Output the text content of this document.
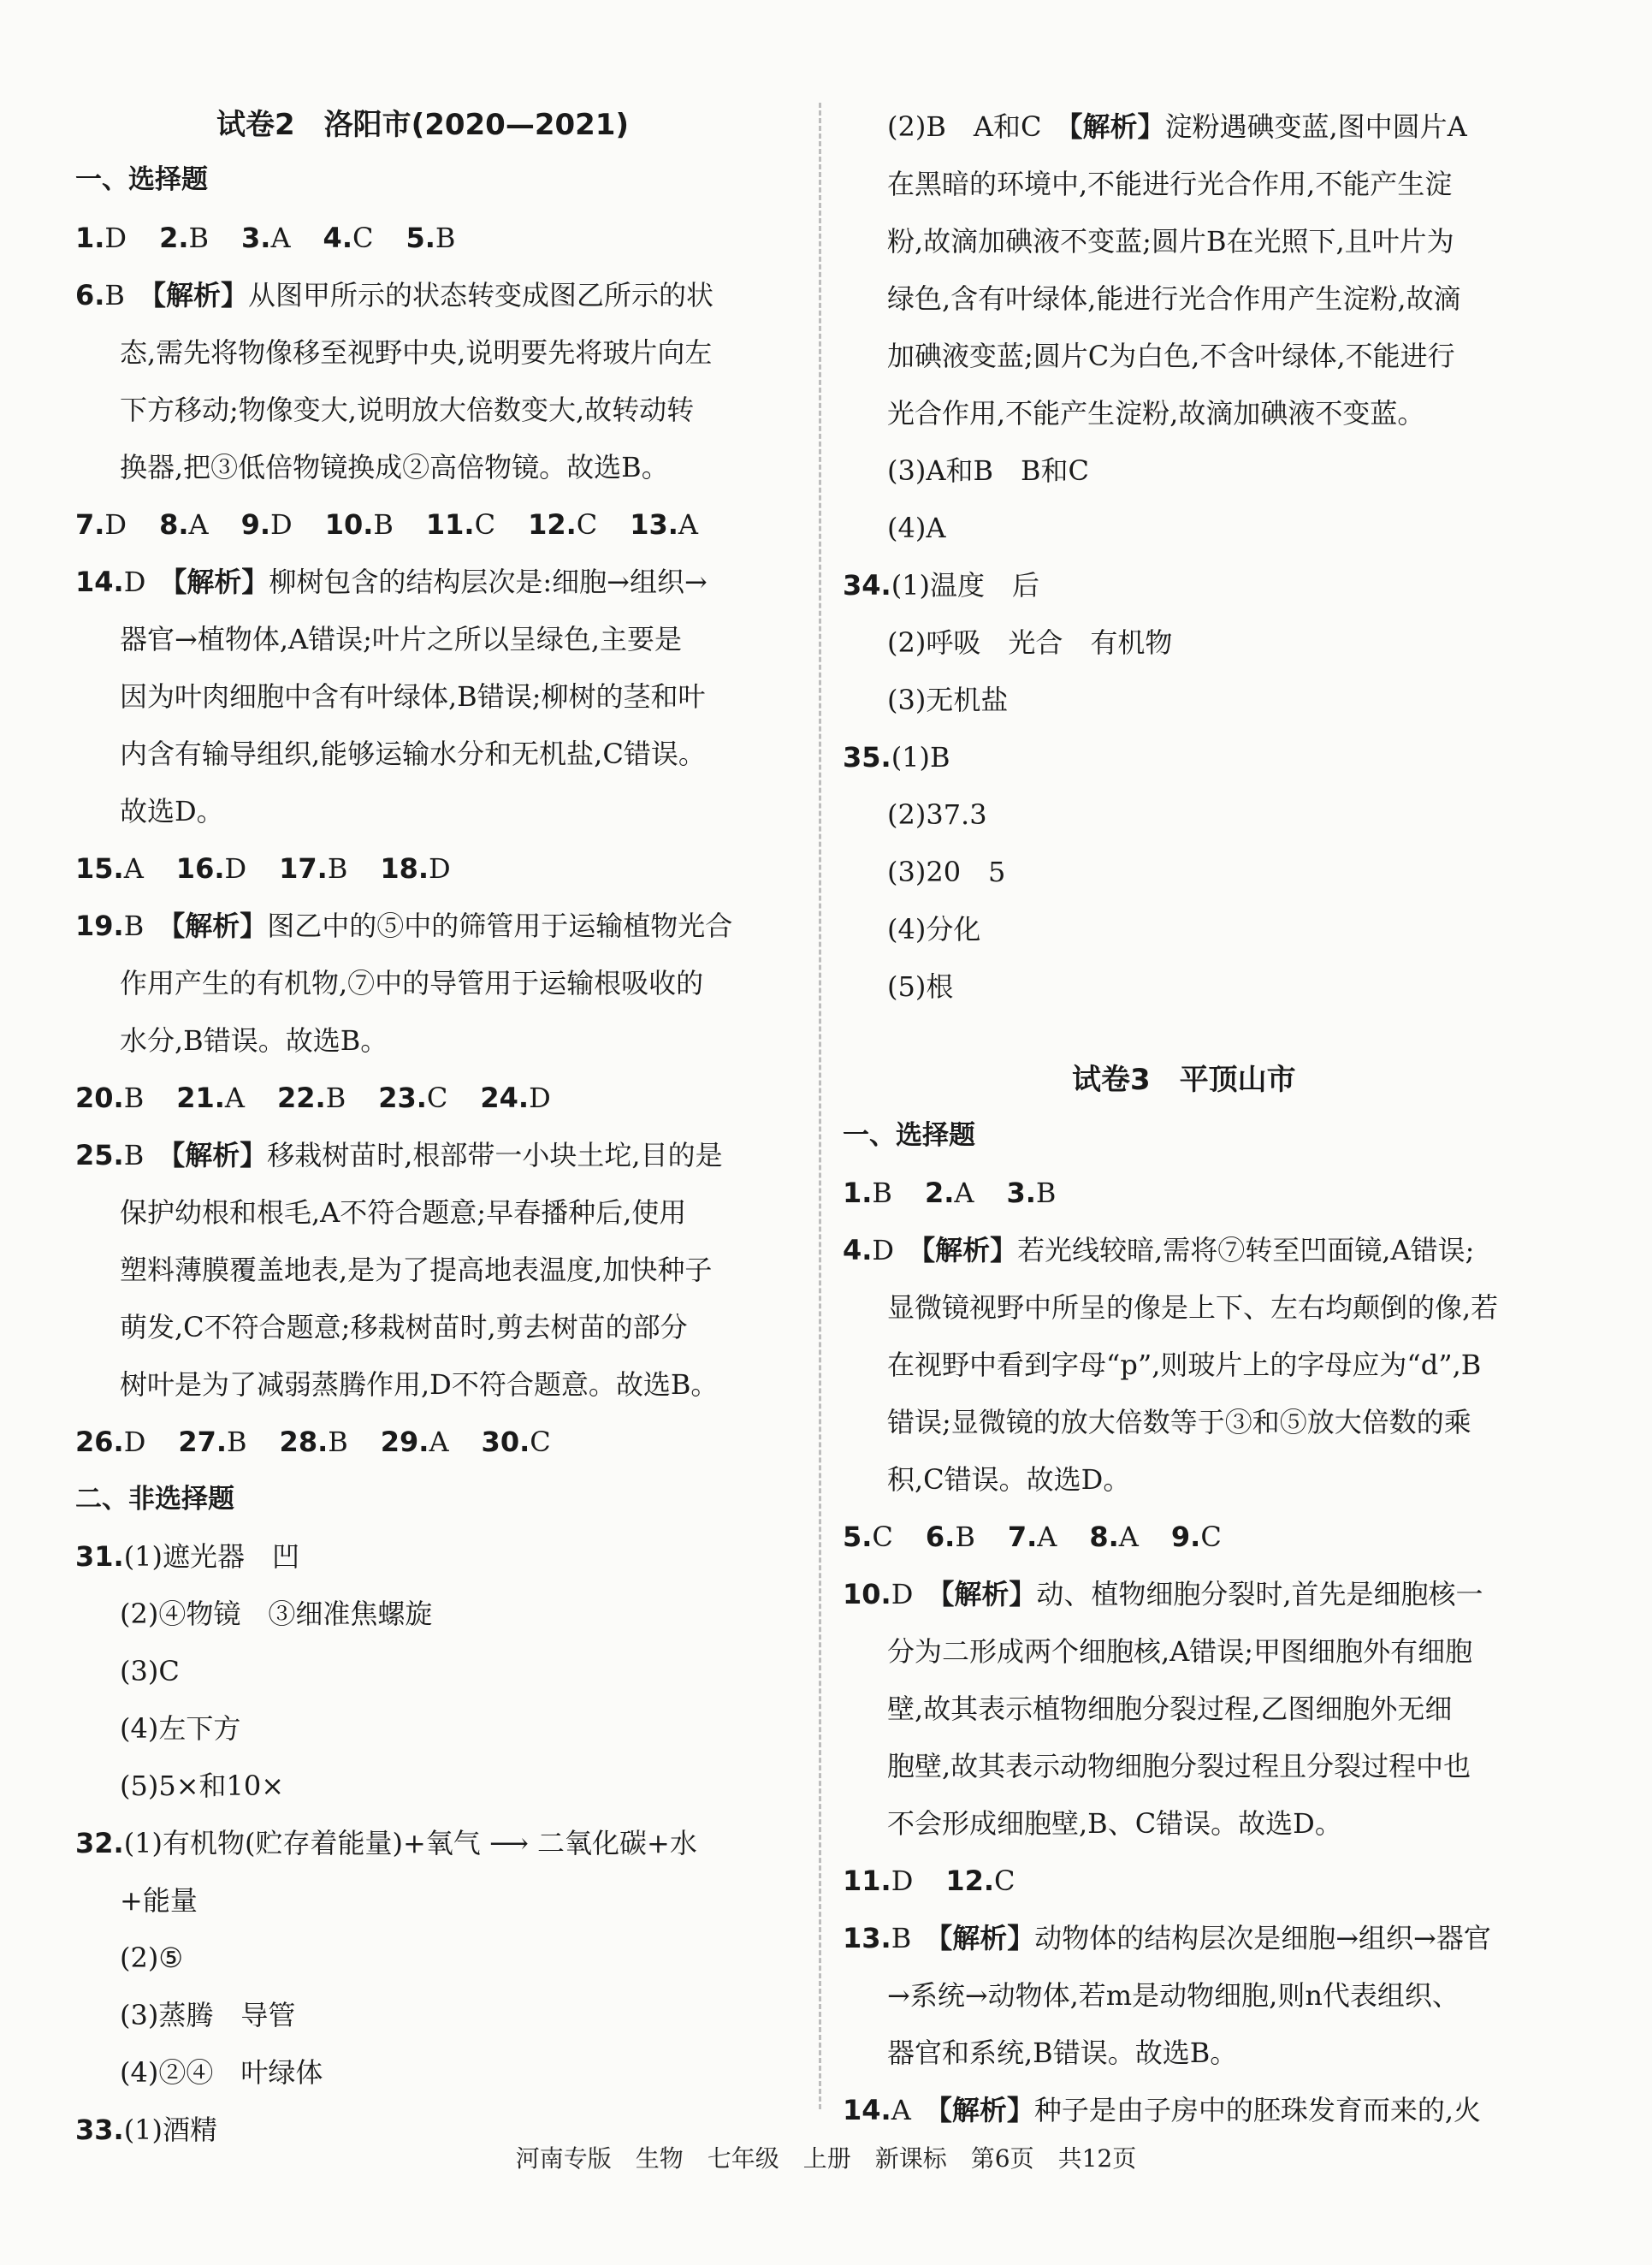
试卷2　洛阳市(2020—2021)
一、选择题
1.D 2.B 3.A 4.C 5.B
6.B　 【解析】从图甲所示的状态转变成图乙所示的状
态,需先将物像移至视野中央,说明要先将玻片向左
下方移动;物像变大,说明放大倍数变大,故转动转
换器,把③低倍物镜换成②高倍物镜。故选B。
7.D 8.A 9.D 10.B 11.C 12.C 13.A
14.D　 【解析】柳树包含的结构层次是:细胞→组织→
器官→植物体,A错误;叶片之所以呈绿色,主要是
因为叶肉细胞中含有叶绿体,B错误;柳树的茎和叶
内含有输导组织,能够运输水分和无机盐,C错误。
故选D。
15.A 16.D 17.B 18.D
19.B　 【解析】图乙中的⑤中的筛管用于运输植物光合
作用产生的有机物,⑦中的导管用于运输根吸收的
水分,B错误。故选B。
20.B 21.A 22.B 23.C 24.D
25.B　 【解析】移栽树苗时,根部带一小块土坨,目的是
保护幼根和根毛,A不符合题意;早春播种后,使用
塑料薄膜覆盖地表,是为了提高地表温度,加快种子
萌发,C不符合题意;移栽树苗时,剪去树苗的部分
树叶是为了减弱蒸腾作用,D不符合题意。故选B。
26.D 27.B 28.B 29.A 30.C
二、非选择题
31.(1)遮光器　凹
(2)④物镜　③细准焦螺旋
(3)C
(4)左下方
(5)5×和10×
32.(1)有机物(贮存着能量)+氧气 ⟶ 二氧化碳+水
+能量
(2)⑤
(3)蒸腾　导管
(4)②④　叶绿体
33.(1)酒精
(2)B　A和C　 【解析】淀粉遇碘变蓝,图中圆片A
在黑暗的环境中,不能进行光合作用,不能产生淀
粉,故滴加碘液不变蓝;圆片B在光照下,且叶片为
绿色,含有叶绿体,能进行光合作用产生淀粉,故滴
加碘液变蓝;圆片C为白色,不含叶绿体,不能进行
光合作用,不能产生淀粉,故滴加碘液不变蓝。
(3)A和B　B和C
(4)A
34.(1)温度　后
(2)呼吸　光合　有机物
(3)无机盐
35.(1)B
(2)37.3
(3)20　5
(4)分化
(5)根
试卷3　平顶山市
一、选择题
1.B 2.A 3.B
4.D　 【解析】若光线较暗,需将⑦转至凹面镜,A错误;
显微镜视野中所呈的像是上下、左右均颠倒的像,若
在视野中看到字母“p”,则玻片上的字母应为“d”,B
错误;显微镜的放大倍数等于③和⑤放大倍数的乘
积,C错误。故选D。
5.C 6.B 7.A 8.A 9.C
10.D　 【解析】动、植物细胞分裂时,首先是细胞核一
分为二形成两个细胞核,A错误;甲图细胞外有细胞
壁,故其表示植物细胞分裂过程,乙图细胞外无细
胞壁,故其表示动物细胞分裂过程且分裂过程中也
不会形成细胞壁,B、C错误。故选D。
11.D 12.C
13.B　 【解析】动物体的结构层次是细胞→组织→器官
→系统→动物体,若m是动物细胞,则n代表组织、
器官和系统,B错误。故选B。
14.A　 【解析】种子是由子房中的胚珠发育而来的,火
河南专版　生物　七年级　上册　新课标　第6页　共12页
